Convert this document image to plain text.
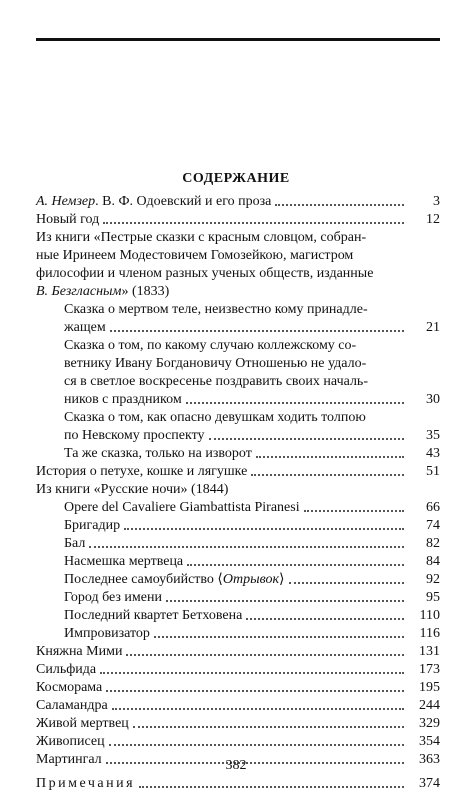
СОДЕРЖАНИЕ
А. Немзер. В. Ф. Одоевский и его проза	3
Новый год	12
Из книги «Пестрые сказки с красным словцом, собран-
ные Иринеем Модестовичем Гомозейкою, магистром
философии и членом разных ученых обществ, изданные
В. Безгласным» (1833)
Сказка о мертвом теле, неизвестно кому принадле-
жащем	21
Сказка о том, по какому случаю коллежскому со-
ветнику Ивану Богдановичу Отношенью не удало-
ся в светлое воскресенье поздравить своих началь-
ников с праздником	30
Сказка о том, как опасно девушкам ходить толпою
по Невскому проспекту	35
Та же сказка, только на изворот	43
История о петухе, кошке и лягушке	51
Из книги «Русские ночи» (1844)
Opere del Cavaliere Giambattista Piranesi	66
Бригадир	74
Бал	82
Насмешка мертвеца	84
Последнее самоубийство ⟨Отрывок⟩	92
Город без имени	95
Последний квартет Бетховена	110
Импровизатор	116
Княжна Мими	131
Сильфида	173
Косморама	195
Саламандра	244
Живой мертвец	329
Живописец	354
Мартингал	363
Примечания	374
382
